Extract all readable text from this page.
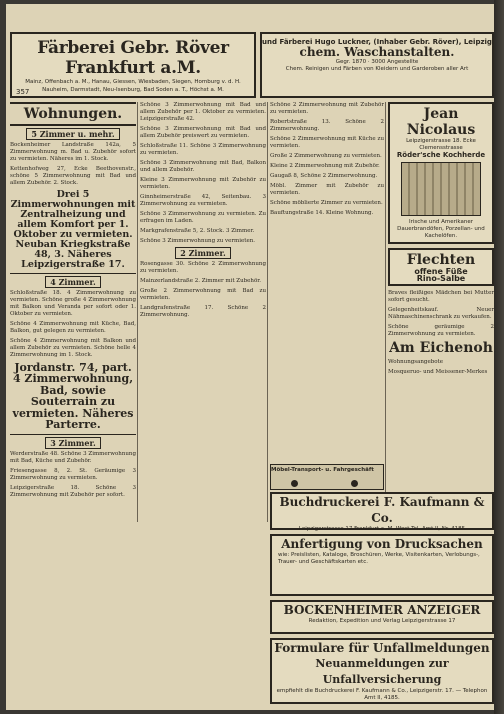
Färberei Gebr. Röver Frankfurt a.M.
Mainz, Offenbach a. M., Hanau, Giessen, Wiesbaden, Siegen, Homburg v. d. H.
Nauheim, Darmstadt, Neu-Isenburg, Bad Soden a. T., Höchst a. M.
und Färberei Hugo Luckner, (Inhaber Gebr. Röver), Leipzig
chem. Waschanstalten.
Gegr. 1870 · 3000 Angestellte
Chem. Reinigen und Färben von Kleidern und Garderoben aller Art
357
Wohnungen.
5 Zimmer u. mehr.
Bockenheimer Landstraße 142a, 5 Zimmerwohnung m. Bad u. Zubehör sofort zu vermieten. Näheres im 1. Stock.
Kettenhofweg 27, Ecke Beethovenstr., schöne 5 Zimmerwohnung mit Bad und allem Zubehör. 2. Stock.
Drei 5 Zimmerwohnungen mit Zentralheizung und allem Komfort per 1. Oktober zu vermieten. Neuban Kriegkstraße 48, 3. Näheres Leipzigerstraße 17.
4 Zimmer.
Schloßstraße 18. 4 Zimmerwohnung zu vermieten. Schöne große 4 Zimmerwohnung mit Balkon und Veranda per sofort oder 1. Oktober zu vermieten.
Schöne 4 Zimmerwohnung mit Küche, Bad, Balkon, gut gelegen zu vermieten.
Schöne 4 Zimmerwohnung mit Balkon und allem Zubehör zu vermieten. Schöne helle 4 Zimmerwohnung im 1. Stock.
Jordanstr. 74, part. 4 Zimmerwohnung, Bad, sowie Souterrain zu vermieten. Näheres Parterre.
3 Zimmer.
Werderstraße 48. Schöne 3 Zimmerwohnung mit Bad, Küche und Zubehör.
Friesengasse 8, 2. St. Geräumige 3 Zimmerwohnung zu vermieten.
Leipzigerstraße 18. Schöne 3 Zimmerwohnung mit Zubehör per sofort.
Schöne 3 Zimmerwohnung mit Bad und allem Zubehör per 1. Oktober zu vermieten. Leipzigerstraße 42.
Schöne 3 Zimmerwohnung mit Bad und allem Zubehör preiswert zu vermieten.
Schloßstraße 11. Schöne 3 Zimmerwohnung zu vermieten.
Schöne 3 Zimmerwohnung mit Bad, Balkon und allem Zubehör.
Kleine 3 Zimmerwohnung mit Zubehör zu vermieten.
Ginnheimerstraße 42, Seitenbau. 3 Zimmerwohnung zu vermieten.
Schöne 3 Zimmerwohnung zu vermieten. Zu erfragen im Laden.
Markgrafenstraße 5, 2. Stock. 3 Zimmer.
Schöne 3 Zimmerwohnung zu vermieten.
2 Zimmer.
Rosengasse 30. Schöne 2 Zimmerwohnung zu vermieten.
Mainzerlandstraße 2. Zimmer mit Zubehör.
Große 2 Zimmerwohnung mit Bad zu vermieten.
Landgrafenstraße 17. Schöne 2 Zimmerwohnung.
Schöne 2 Zimmerwohnung mit Zubehör zu vermieten.
Robertstraße 13. Schöne 2 Zimmerwohnung.
Schöne 2 Zimmerwohnung mit Küche zu vermieten.
Große 2 Zimmerwohnung zu vermieten.
Kleine 2 Zimmerwohnung mit Zubehör.
Gaugaß 8, Schöne 2 Zimmerwohnung.
Möbl. Zimmer mit Zubehör zu vermieten.
Schöne möblierte Zimmer zu vermieten.
Bauftungstraße 14. Kleine Wohnung.
Möbel-Transport- u. Fahrgeschäft
Jean Nicolaus
Leipzigerstrasse 18. Ecke Clemensstrasse
Röder'sche Kochherde
Irische und Amerikaner Dauerbrandöfen, Porzellan- und Kachelöfen.
Flechten
offene Füße
Rino-Salbe
Braves fleißiges Mädchen bei Mutter sofort gesucht.
Gelegenheitskauf. Neuer Nähmaschinenschrank zu verkaufen.
Schöne geräumige 2 Zimmerwohnung zu vermieten.
Am Eichenoh
Wohnungsangebote
Mosqueruo- und Meissener-Merkes
Buchdruckerei F. Kaufmann & Co.
Leipzigerstrasse 17 Frankfurt a. M.-West Tel. Amt II, Nr. 4185
Anfertigung von Drucksachen
wie: Preislisten, Kataloge, Broschüren, Werke, Visitenkarten, Verlobungs-, Trauer- und Geschäftskarten etc.
BOCKENHEIMER ANZEIGER
Redaktion, Expedition und Verlag Leipzigerstrasse 17
Formulare für Unfallmeldungen
Neuanmeldungen zur Unfallversicherung
empfiehlt die Buchdruckerei F. Kaufmann & Co., Leipzigerstr. 17. — Telephon Amt II, 4185.
